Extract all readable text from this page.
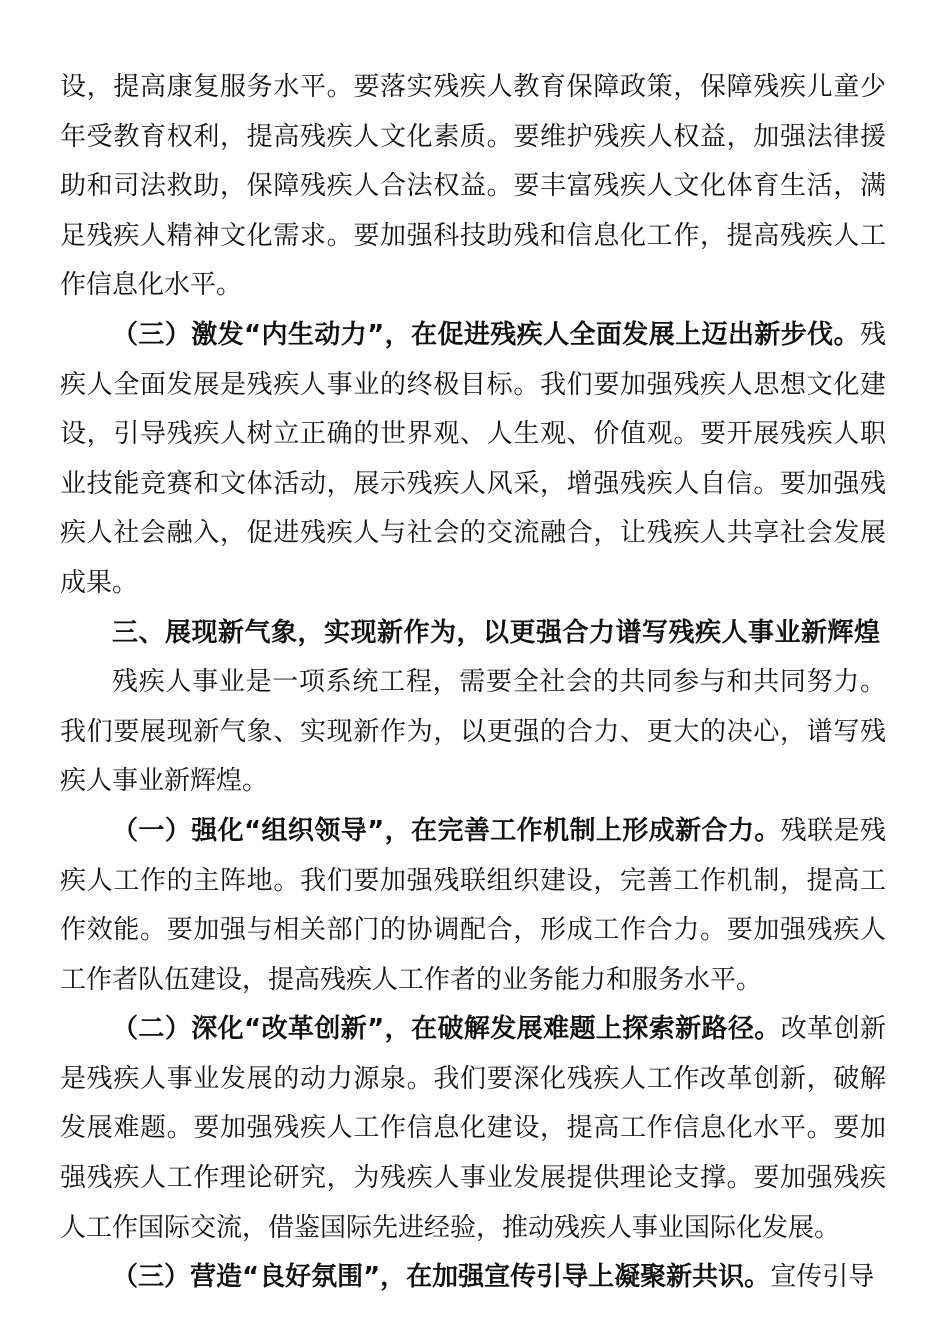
设，提高康复服务水平。要落实残疾人教育保障政策，保障残疾儿童少年受教育权利，提高残疾人文化素质。要维护残疾人权益，加强法律援助和司法救助，保障残疾人合法权益。要丰富残疾人文化体育生活，满足残疾人精神文化需求。要加强科技助残和信息化工作，提高残疾人工作信息化水平。

（三）激发“内生动力”，在促进残疾人全面发展上迈出新步伐。残疾人全面发展是残疾人事业的终极目标。我们要加强残疾人思想文化建设，引导残疾人树立正确的世界观、人生观、价值观。要开展残疾人职业技能竞赛和文体活动，展示残疾人风采，增强残疾人自信。要加强残疾人社会融入，促进残疾人与社会的交流融合，让残疾人共享社会发展成果。

三、展现新气象，实现新作为，以更强合力谱写残疾人事业新辉煌

残疾人事业是一项系统工程，需要全社会的共同参与和共同努力。我们要展现新气象、实现新作为，以更强的合力、更大的决心，谱写残疾人事业新辉煌。

（一）强化“组织领导”，在完善工作机制上形成新合力。残联是残疾人工作的主阵地。我们要加强残联组织建设，完善工作机制，提高工作效能。要加强与相关部门的协调配合，形成工作合力。要加强残疾人工作者队伍建设，提高残疾人工作者的业务能力和服务水平。

（二）深化“改革创新”，在破解发展难题上探索新路径。改革创新是残疾人事业发展的动力源泉。我们要深化残疾人工作改革创新，破解发展难题。要加强残疾人工作信息化建设，提高工作信息化水平。要加强残疾人工作理论研究，为残疾人事业发展提供理论支撑。要加强残疾人工作国际交流，借鉴国际先进经验，推动残疾人事业国际化发展。

（三）营造“良好氛围”，在加强宣传引导上凝聚新共识。宣传引导
